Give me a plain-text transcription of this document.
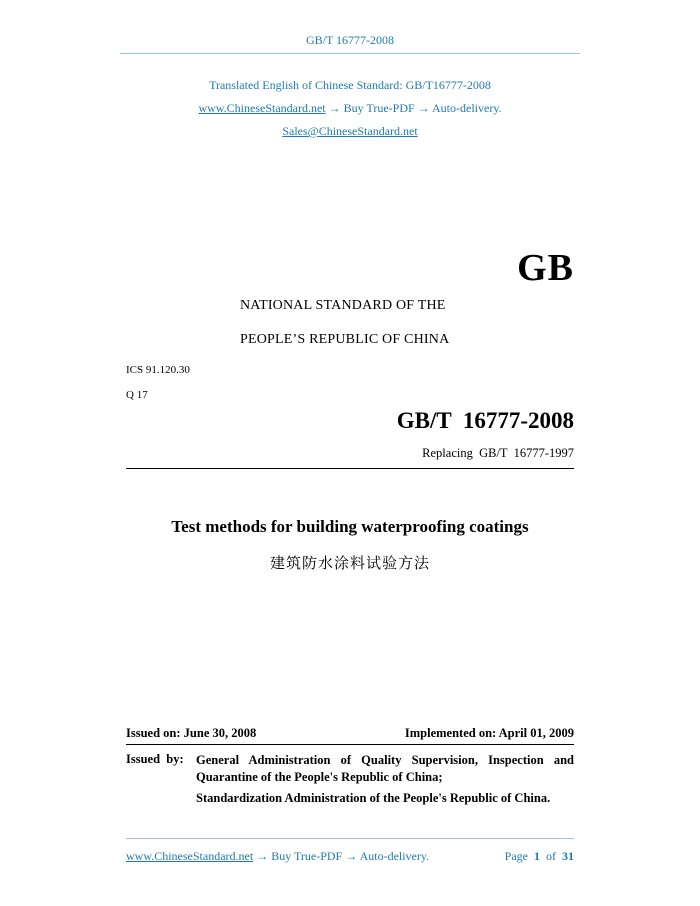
GB/T 16777-2008
Translated English of Chinese Standard: GB/T16777-2008
www.ChineseStandard.net → Buy True-PDF → Auto-delivery.
Sales@ChineseStandard.net
GB
NATIONAL STANDARD OF THE
PEOPLE’S REPUBLIC OF CHINA
ICS 91.120.30
Q 17
GB/T  16777-2008
Replacing  GB/T  16777-1997
Test methods for building waterproofing coatings
建筑防水涂料试验方法
Issued on: June 30, 2008	Implemented on: April 01, 2009
Issued  by: General Administration of Quality Supervision, Inspection and Quarantine of the People's Republic of China;
Standardization Administration of the People's Republic of China.
www.ChineseStandard.net → Buy True-PDF → Auto-delivery.	Page 1 of 31
